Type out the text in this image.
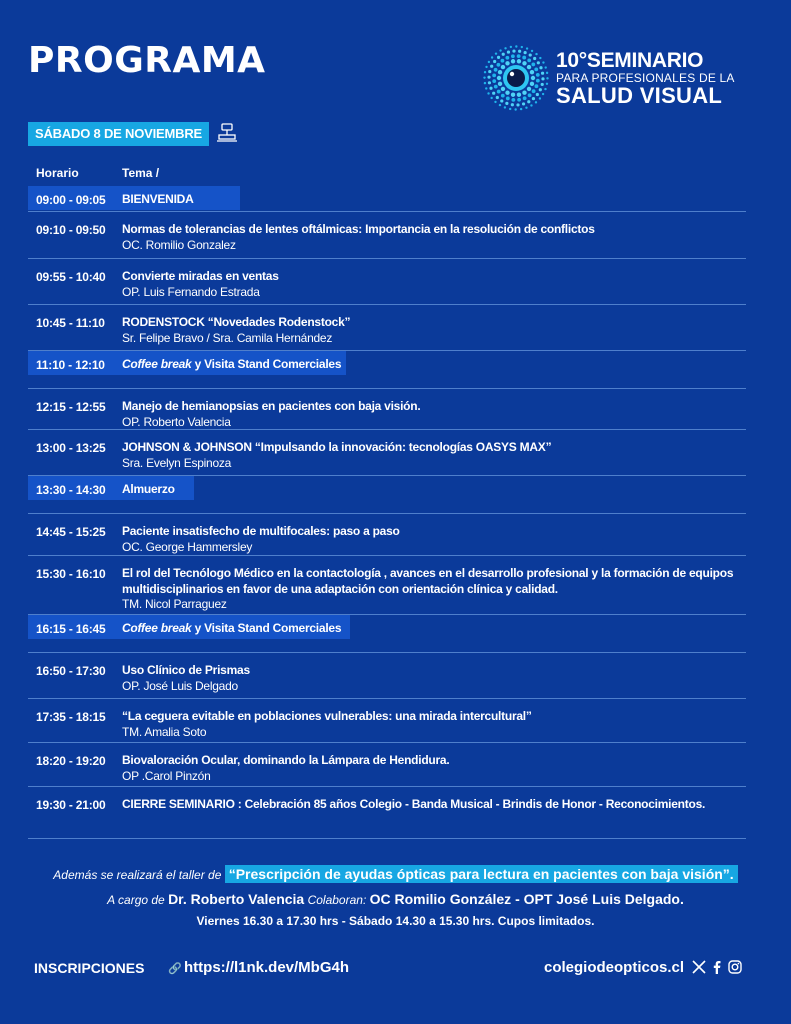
PROGRAMA	10°SEMINARIO
PARA PROFESIONALES DE LA
SALUD VISUAL
SÁBADO 8 DE NOVIEMBRE
Horario	Tema /
09:00 - 09:05 BIENVENIDA
09:10 - 09:50 Normas de tolerancias de lentes oftálmicas: Importancia en la resolución de conflictos
OC. Romilio Gonzalez
09:55 - 10:40 Convierte miradas en ventas
OP. Luis Fernando Estrada
10:45 - 11:10 RODENSTOCK “Novedades Rodenstock”
Sr. Felipe Bravo / Sra. Camila Hernández
11:10 - 12:10 Coffee break y Visita Stand Comerciales
12:15 - 12:55 Manejo de hemianopsias en pacientes con baja visión.
OP. Roberto Valencia
13:00 - 13:25 JOHNSON & JOHNSON “Impulsando la innovación: tecnologías OASYS MAX”
Sra. Evelyn Espinoza
13:30 - 14:30 Almuerzo
14:45 - 15:25 Paciente insatisfecho de multifocales: paso a paso
OC. George Hammersley
15:30 - 16:10 El rol del Tecnólogo Médico en la contactología , avances en el desarrollo profesional y la formación de equipos multidisciplinarios en favor de una adaptación con orientación clínica y calidad.
TM. Nicol Parraguez
16:15 - 16:45 Coffee break y Visita Stand Comerciales
16:50 - 17:30 Uso Clínico de Prismas
OP. José Luis Delgado
17:35 - 18:15 “La ceguera evitable en poblaciones vulnerables: una mirada intercultural”
TM. Amalia Soto
18:20 - 19:20 Biovaloración Ocular, dominando la Lámpara de Hendidura.
OP .Carol Pinzón
19:30 - 21:00 CIERRE SEMINARIO : Celebración 85 años Colegio - Banda Musical - Brindis de Honor - Reconocimientos.
Además se realizará el taller de “Prescripción de ayudas ópticas para lectura en pacientes con baja visión”.
A cargo de Dr. Roberto Valencia Colaboran: OC Romilio González - OPT José Luis Delgado.
Viernes 16.30 a 17.30 hrs - Sábado 14.30 a 15.30 hrs. Cupos limitados.
INSCRIPCIONES 🔗 https://l1nk.dev/MbG4h	colegiodeopticos.cl
